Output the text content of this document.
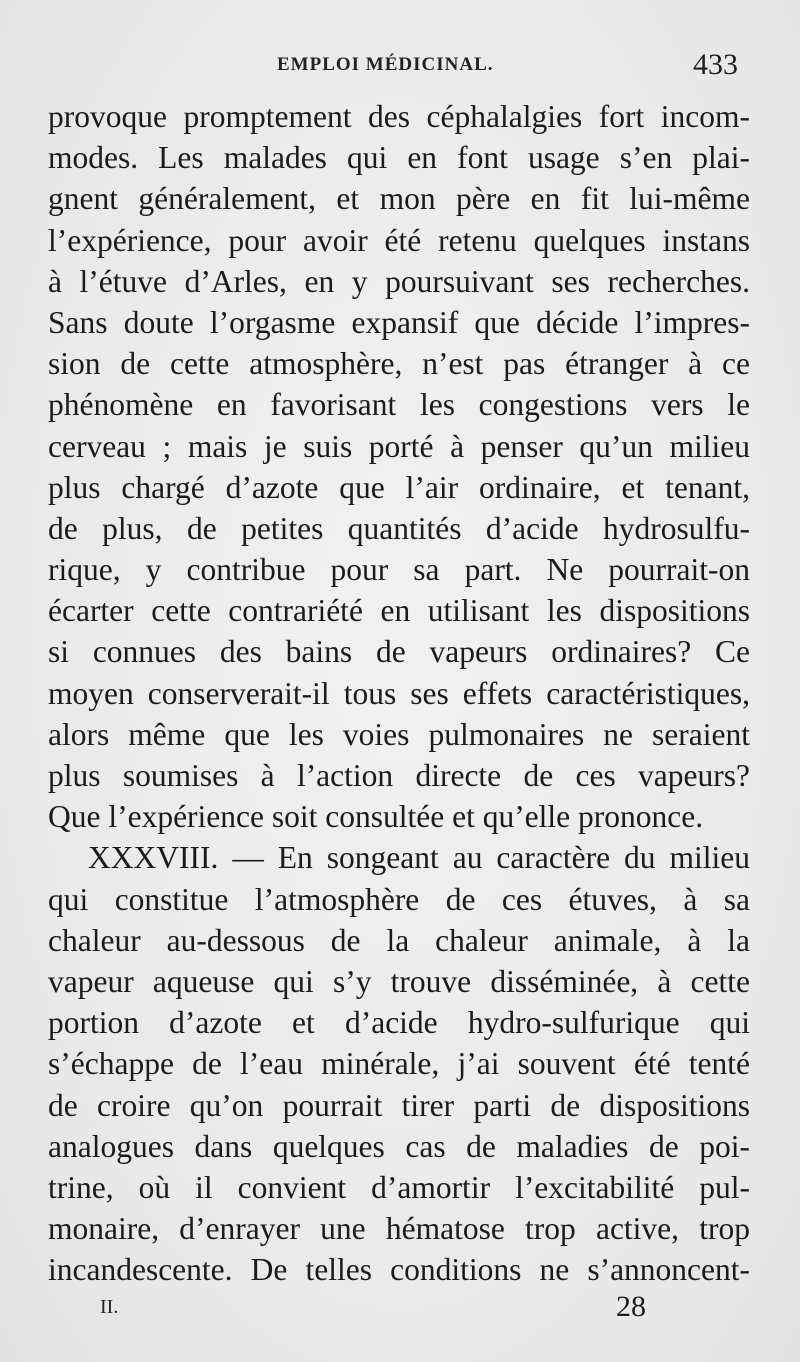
EMPLOI MÉDICINAL.	433
provoque promptement des céphalalgies fort incom-
modes. Les malades qui en font usage s’en plai-
gnent généralement, et mon père en fit lui-même
l’expérience, pour avoir été retenu quelques instans
à l’étuve d’Arles, en y poursuivant ses recherches.
Sans doute l’orgasme expansif que décide l’impres-
sion de cette atmosphère, n’est pas étranger à ce
phénomène en favorisant les congestions vers le
cerveau ; mais je suis porté à penser qu’un milieu
plus chargé d’azote que l’air ordinaire, et tenant,
de plus, de petites quantités d’acide hydrosulfu-
rique, y contribue pour sa part. Ne pourrait-on
écarter cette contrariété en utilisant les dispositions
si connues des bains de vapeurs ordinaires? Ce
moyen conserverait-il tous ses effets caractéristiques,
alors même que les voies pulmonaires ne seraient
plus soumises à l’action directe de ces vapeurs?
Que l’expérience soit consultée et qu’elle prononce.
XXXVIII. — En songeant au caractère du milieu
qui constitue l’atmosphère de ces étuves, à sa
chaleur au-dessous de la chaleur animale, à la
vapeur aqueuse qui s’y trouve disséminée, à cette
portion d’azote et d’acide hydro-sulfurique qui
s’échappe de l’eau minérale, j’ai souvent été tenté
de croire qu’on pourrait tirer parti de dispositions
analogues dans quelques cas de maladies de poi-
trine, où il convient d’amortir l’excitabilité pul-
monaire, d’enrayer une hématose trop active, trop
incandescente. De telles conditions ne s’annoncent-
II.	28
